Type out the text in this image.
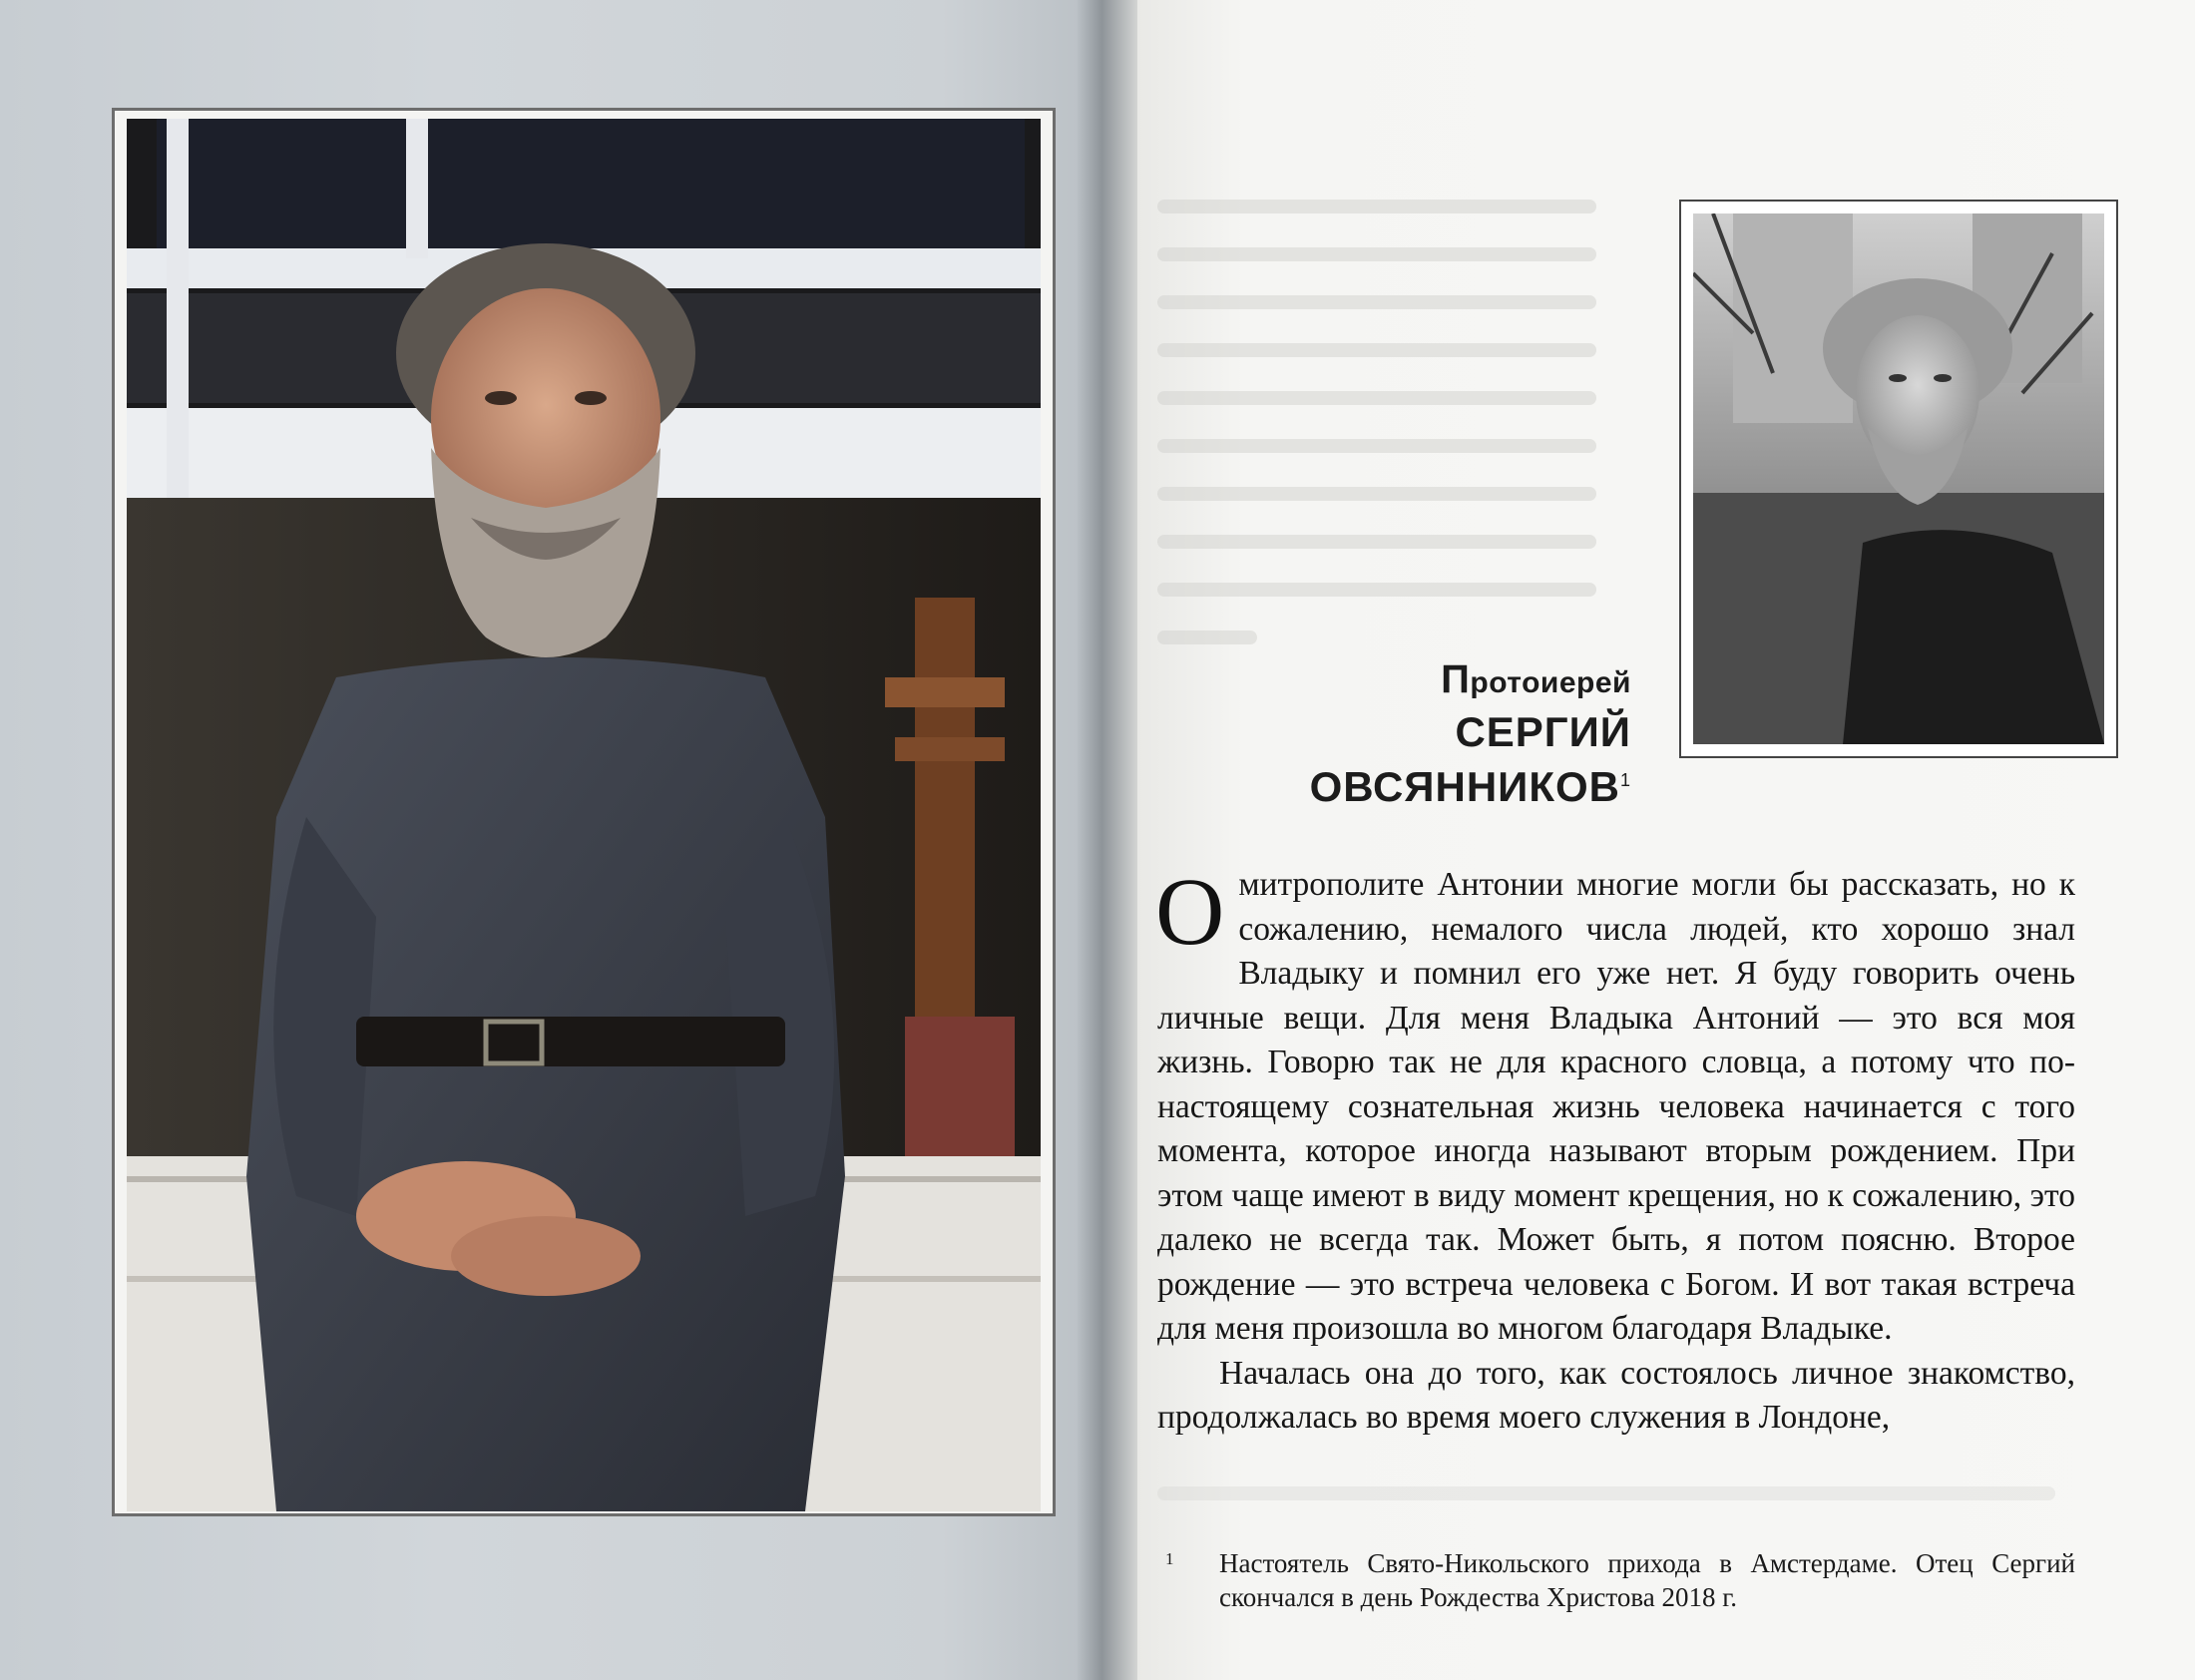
Протоиерей СЕРГИЙ
ОВСЯННИКОВ$^1$

О митрополите Антонии многие могли бы рассказать, но к сожалению, немалого числа людей, кто хорошо знал Владыку и помнил его уже нет. Я буду говорить очень личные вещи. Для меня Владыка Антоний — это вся моя жизнь. Говорю так не для красного словца, а потому что по-настоящему сознательная жизнь человека начинается с того момента, которое иногда называют вторым рождением. При этом чаще имеют в виду момент крещения, но к сожалению, это далеко не всегда так. Может быть, я потом поясню. Второе рождение — это встреча человека с Богом. И вот такая встреча для меня произошла во многом благодаря Владыке.

Началась она до того, как состоялось личное знакомство, продолжалась во время моего служения в Лондоне,

1 Настоятель Свято-Никольского прихода в Амстердаме. Отец Сергий скончался в день Рождества Христова 2018 г.
